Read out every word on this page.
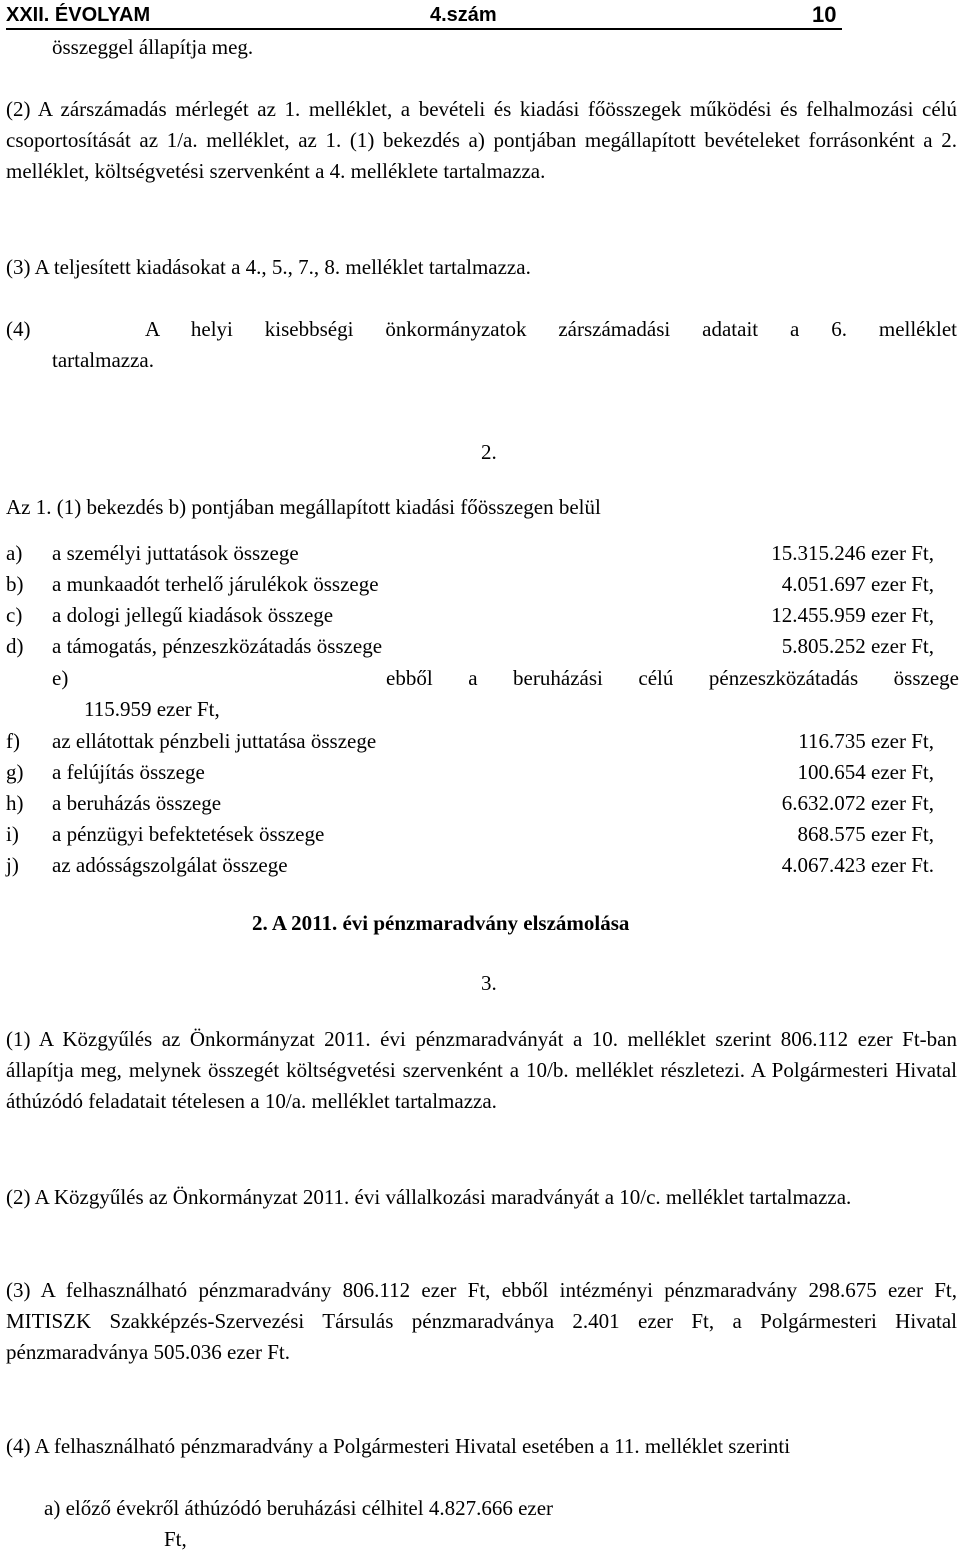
XXII. ÉVOLYAM	4.szám	10
összeggel állapítja meg.
(2) A zárszámadás mérlegét az 1. melléklet, a bevételi és kiadási főösszegek működési és felhalmozási célú csoportosítását az 1/a. melléklet, az 1. (1) bekezdés a) pontjában megállapított bevételeket forrásonként a 2. melléklet, költségvetési szervenként a 4. melléklete tartalmazza.
(3) A teljesített kiadásokat a 4., 5., 7., 8. melléklet tartalmazza.
(4)	A helyi kisebbségi önkormányzatok zárszámadási adatait a 6. melléklet
tartalmazza.
2.
Az 1. (1) bekezdés b) pontjában megállapított kiadási főösszegen belül
a) a személyi juttatások összege	15.315.246 ezer Ft,
b) a munkaadót terhelő járulékok összege	4.051.697 ezer Ft,
c) a dologi jellegű kiadások összege	12.455.959 ezer Ft,
d) a támogatás, pénzeszközátadás összege	5.805.252 ezer Ft,
e)	ebből a beruházási célú pénzeszközátadás összege
115.959 ezer Ft,
f) az ellátottak pénzbeli juttatása összege	116.735 ezer Ft,
g) a felújítás összege	100.654 ezer Ft,
h) a beruházás összege	6.632.072 ezer Ft,
i) a pénzügyi befektetések összege	868.575 ezer Ft,
j) az adósságszolgálat összege	4.067.423 ezer Ft.
2. A 2011. évi pénzmaradvány elszámolása
3.
(1) A Közgyűlés az Önkormányzat 2011. évi pénzmaradványát a 10. melléklet szerint 806.112 ezer Ft-ban állapítja meg, melynek összegét költségvetési szervenként a 10/b. melléklet részletezi. A Polgármesteri Hivatal áthúzódó feladatait tételesen a 10/a. melléklet tartalmazza.
(2) A Közgyűlés az Önkormányzat 2011. évi vállalkozási maradványát a 10/c. melléklet tartalmazza.
(3) A felhasználható pénzmaradvány 806.112 ezer Ft, ebből intézményi pénzmaradvány 298.675 ezer Ft, MITISZK Szakképzés-Szervezési Társulás pénzmaradványa 2.401 ezer Ft, a Polgármesteri Hivatal pénzmaradványa 505.036 ezer Ft.
(4) A felhasználható pénzmaradvány a Polgármesteri Hivatal esetében a 11. melléklet szerinti
a) előző évekről áthúzódó beruházási célhitel 4.827.666 ezer
Ft,
